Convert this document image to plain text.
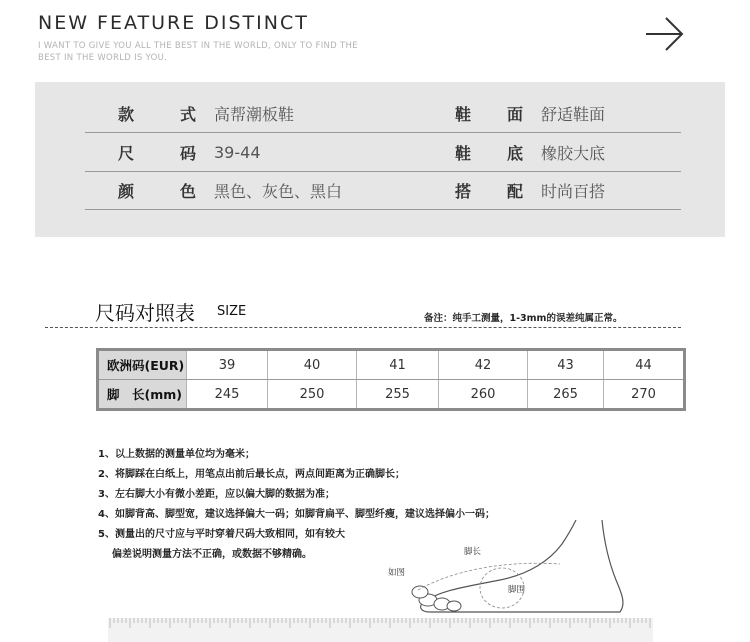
NEW FEATURE DISTINCT
I WANT TO GIVE YOU ALL THE BEST IN THE WORLD, ONLY TO FIND THE BEST IN THE WORLD IS YOU.
款	式 高帮潮板鞋	鞋 面 舒适鞋面
尺	码 39-44	鞋 底 橡胶大底
颜	色 黑色、灰色、黑白	搭 配 时尚百搭
尺码对照表 SIZE	备注：纯手工测量，1-3mm的误差纯属正常。
欧洲码(EUR)	39	40	41	42	43	44
脚　长(mm)	245	250	255	260	265	270
1、以上数据的测量单位均为毫米；
2、将脚踩在白纸上，用笔点出前后最长点，两点间距离为正确脚长；
3、左右脚大小有微小差距，应以偏大脚的数据为准；
4、如脚背高、脚型宽，建议选择偏大一码；如脚背扁平、脚型纤瘦，建议选择偏小一码；
5、测量出的尺寸应与平时穿着尺码大致相同，如有较大
偏差说明测量方法不正确，或数据不够精确。	脚长
如图
脚围
